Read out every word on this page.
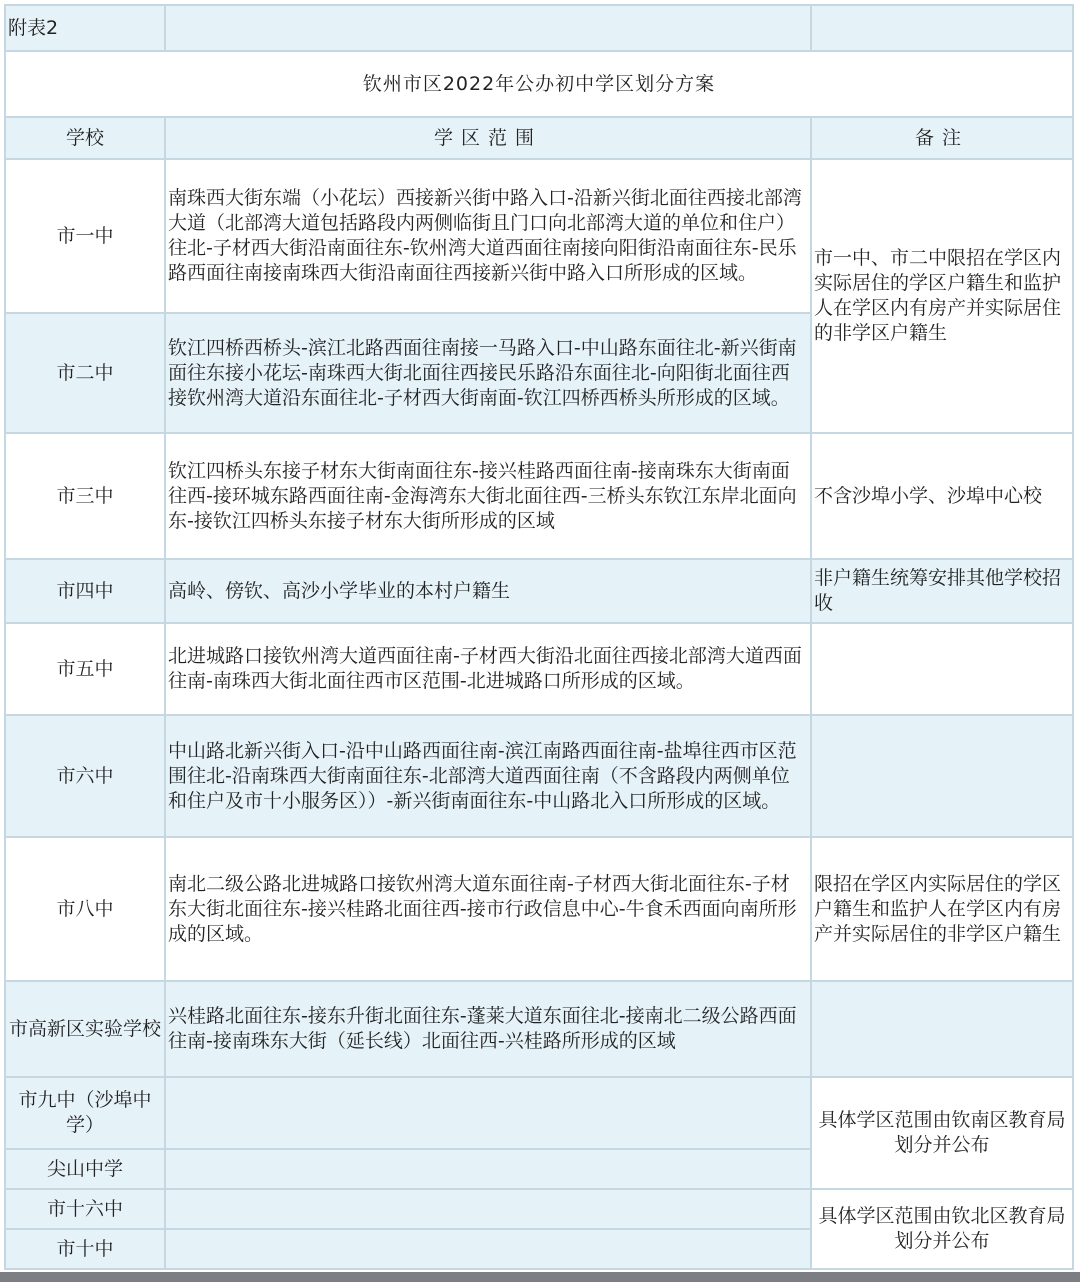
附表2		
钦州市区2022年公办初中学区划分方案		
学校	学区范围	备注
市一中	南珠西大街东端（小花坛）西接新兴街中路入口-沿新兴街北面往西接北部湾大道（北部湾大道包括路段内两侧临街且门口向北部湾大道的单位和住户）往北-子材西大街沿南面往东-钦州湾大道西面往南接向阳街沿南面往东-民乐路西面往南接南珠西大街沿南面往西接新兴街中路入口所形成的区域。	市一中、市二中限招在学区内实际居住的学区户籍生和监护人在学区内有房产并实际居住的非学区户籍生
市二中	钦江四桥西桥头-滨江北路西面往南接一马路入口-中山路东面往北-新兴街南面往东接小花坛-南珠西大街北面往西接民乐路沿东面往北-向阳街北面往西接钦州湾大道沿东面往北-子材西大街南面-钦江四桥西桥头所形成的区域。	
市三中	钦江四桥头东接子材东大街南面往东-接兴桂路西面往南-接南珠东大街南面往西-接环城东路西面往南-金海湾东大街北面往西-三桥头东钦江东岸北面向东-接钦江四桥头东接子材东大街所形成的区域	不含沙埠小学、沙埠中心校
市四中	高岭、傍钦、高沙小学毕业的本村户籍生	非户籍生统筹安排其他学校招收
市五中	北进城路口接钦州湾大道西面往南-子材西大街沿北面往西接北部湾大道西面往南-南珠西大街北面往西市区范围-北进城路口所形成的区域。	
市六中	中山路北新兴街入口-沿中山路西面往南-滨江南路西面往南-盐埠往西市区范围往北-沿南珠西大街南面往东-北部湾大道西面往南（不含路段内两侧单位和住户及市十小服务区））-新兴街南面往东-中山路北入口所形成的区域。	
市八中	南北二级公路北进城路口接钦州湾大道东面往南-子材西大街北面往东-子材东大街北面往东-接兴桂路北面往西-接市行政信息中心-牛食禾西面向南所形成的区域。	限招在学区内实际居住的学区户籍生和监护人在学区内有房产并实际居住的非学区户籍生
市高新区实验学校	兴桂路北面往东-接东升街北面往东-蓬莱大道东面往北-接南北二级公路西面往南-接南珠东大街（延长线）北面往西-兴桂路所形成的区域	
市九中（沙埠中学）		具体学区范围由钦南区教育局划分并公布
尖山中学		
市十六中		具体学区范围由钦北区教育局划分并公布
市十中		
